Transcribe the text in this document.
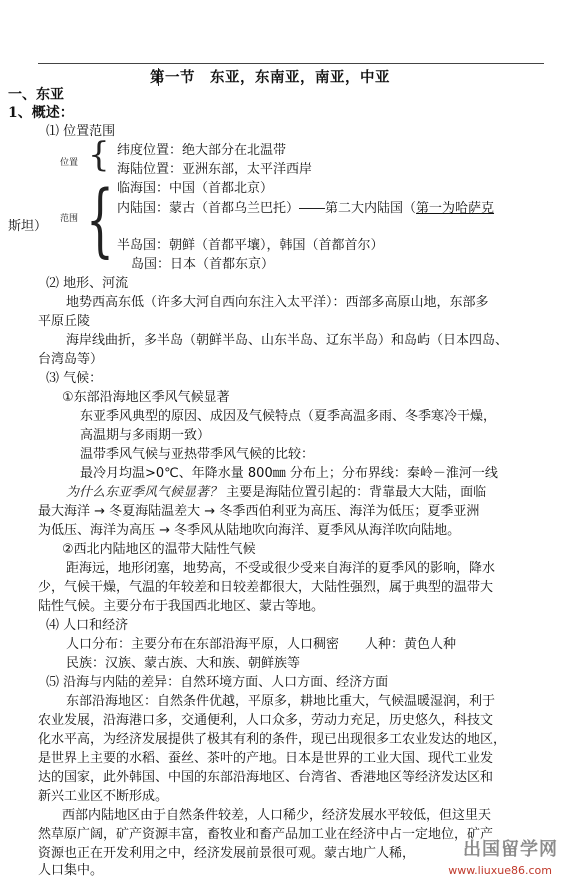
第一节　东亚，东南亚，南亚，中亚
一、东亚
1、概述：
⑴ 位置范围
位置 { 纬度位置：绝大部分在北温带
海陆位置：亚洲东部，太平洋西岸
范围 { 临海国：中国（首都北京）
内陆国：蒙古（首都乌兰巴托）――第二大内陆国（第一为哈萨克
斯坦）
半岛国：朝鲜（首都平壤），韩国（首都首尔）
岛国：日本（首都东京）
⑵ 地形、河流
地势西高东低（许多大河自西向东注入太平洋）：西部多高原山地，东部多
平原丘陵
海岸线曲折，多半岛（朝鲜半岛、山东半岛、辽东半岛）和岛屿（日本四岛、
台湾岛等）
⑶ 气候：
①东部沿海地区季风气候显著
东亚季风典型的原因、成因及气候特点（夏季高温多雨、冬季寒冷干燥，
高温期与多雨期一致）
温带季风气候与亚热带季风气候的比较：
最冷月均温>0℃、年降水量 800㎜ 分布上；分布界线：秦岭－淮河一线
为什么东亚季风气候显著？ 主要是海陆位置引起的：背靠最大大陆，面临
最大海洋 → 冬夏海陆温差大 → 冬季西伯利亚为高压、海洋为低压；夏季亚洲
为低压、海洋为高压 → 冬季风从陆地吹向海洋、夏季风从海洋吹向陆地。
②西北内陆地区的温带大陆性气候
距海远，地形闭塞，地势高，不受或很少受来自海洋的夏季风的影响，降水
少，气候干燥，气温的年较差和日较差都很大，大陆性强烈，属于典型的温带大
陆性气候。主要分布于我国西北地区、蒙古等地。
⑷ 人口和经济
人口分布：主要分布在东部沿海平原，人口稠密　　人种：黄色人种
民族：汉族、蒙古族、大和族、朝鲜族等
⑸ 沿海与内陆的差异：自然环境方面、人口方面、经济方面
东部沿海地区：自然条件优越，平原多，耕地比重大，气候温暖湿润，利于
农业发展，沿海港口多，交通便利，人口众多，劳动力充足，历史悠久，科技文
化水平高，为经济发展提供了极其有利的条件，现已出现很多工农业发达的地区，
是世界上主要的水稻、蚕丝、茶叶的产地。日本是世界的工业大国、现代工业发
达的国家，此外韩国、中国的东部沿海地区、台湾省、香港地区等经济发达区和
新兴工业区不断形成。
西部内陆地区由于自然条件较差，人口稀少，经济发展水平较低，但这里天
然草原广阔，矿产资源丰富，畜牧业和畜产品加工业在经济中占一定地位，矿产
资源也正在开发利用之中，经济发展前景很可观。蒙古地广人稀，
人口集中。
出国留学网
www.liuxue86.com
